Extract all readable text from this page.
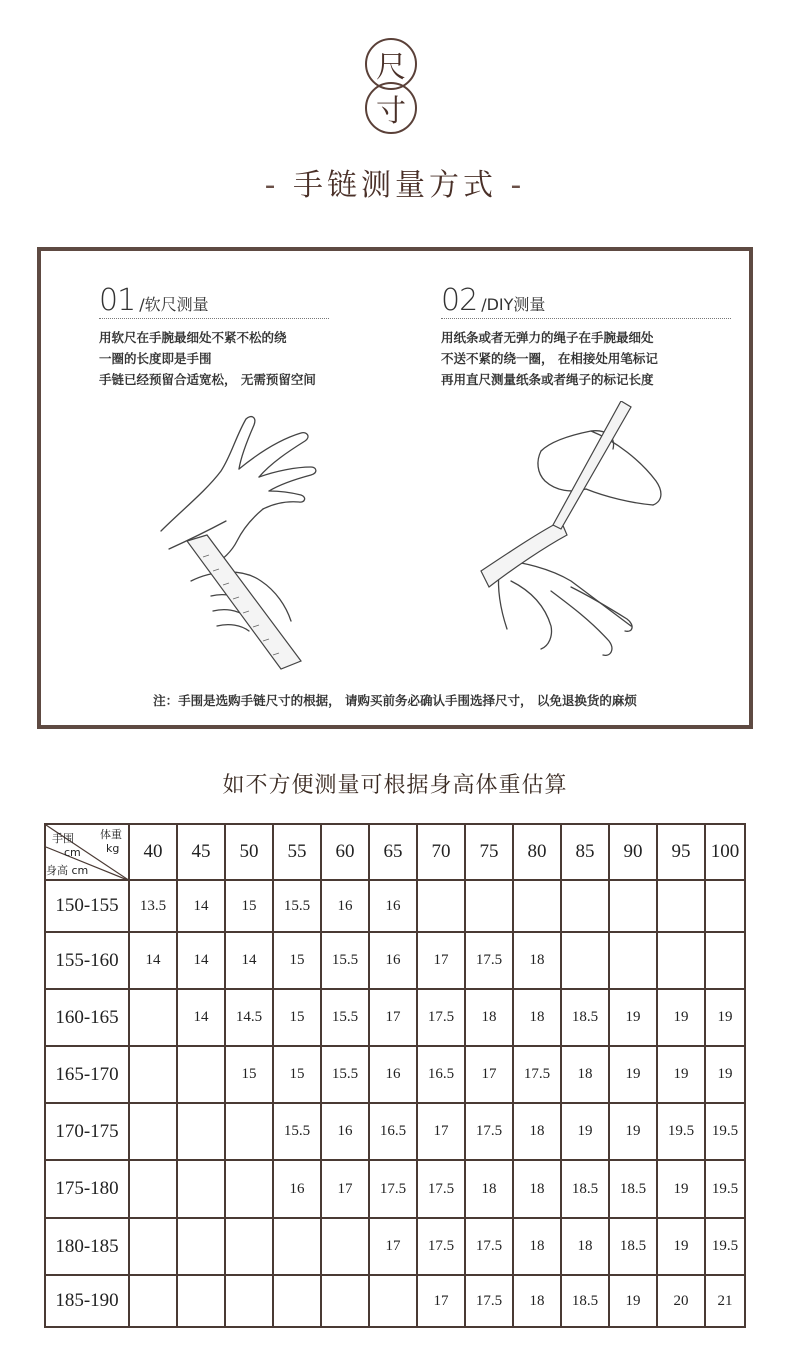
尺
寸
- 手链测量方式 -
01 /软尺测量
用软尺在手腕最细处不紧不松的绕
一圈的长度即是手围
手链已经预留合适宽松， 无需预留空间
02 /DIY测量
用纸条或者无弹力的绳子在手腕最细处
不送不紧的绕一圈， 在相接处用笔标记
再用直尺测量纸条或者绳子的标记长度
注：手围是选购手链尺寸的根据， 请购买前务必确认手围选择尺寸， 以免退换货的麻烦
如不方便测量可根据身高体重估算
手围
cm
体重
kg
身高 cm	40	45	50	55	60	65	70	75	80	85	90	95	100
150-155	13.5	14	15	15.5	16	16							
155-160	14	14	14	15	15.5	16	17	17.5	18				
160-165		14	14.5	15	15.5	17	17.5	18	18	18.5	19	19	19
165-170			15	15	15.5	16	16.5	17	17.5	18	19	19	19
170-175				15.5	16	16.5	17	17.5	18	19	19	19.5	19.5
175-180				16	17	17.5	17.5	18	18	18.5	18.5	19	19.5
180-185						17	17.5	17.5	18	18	18.5	19	19.5
185-190							17	17.5	18	18.5	19	20	21
